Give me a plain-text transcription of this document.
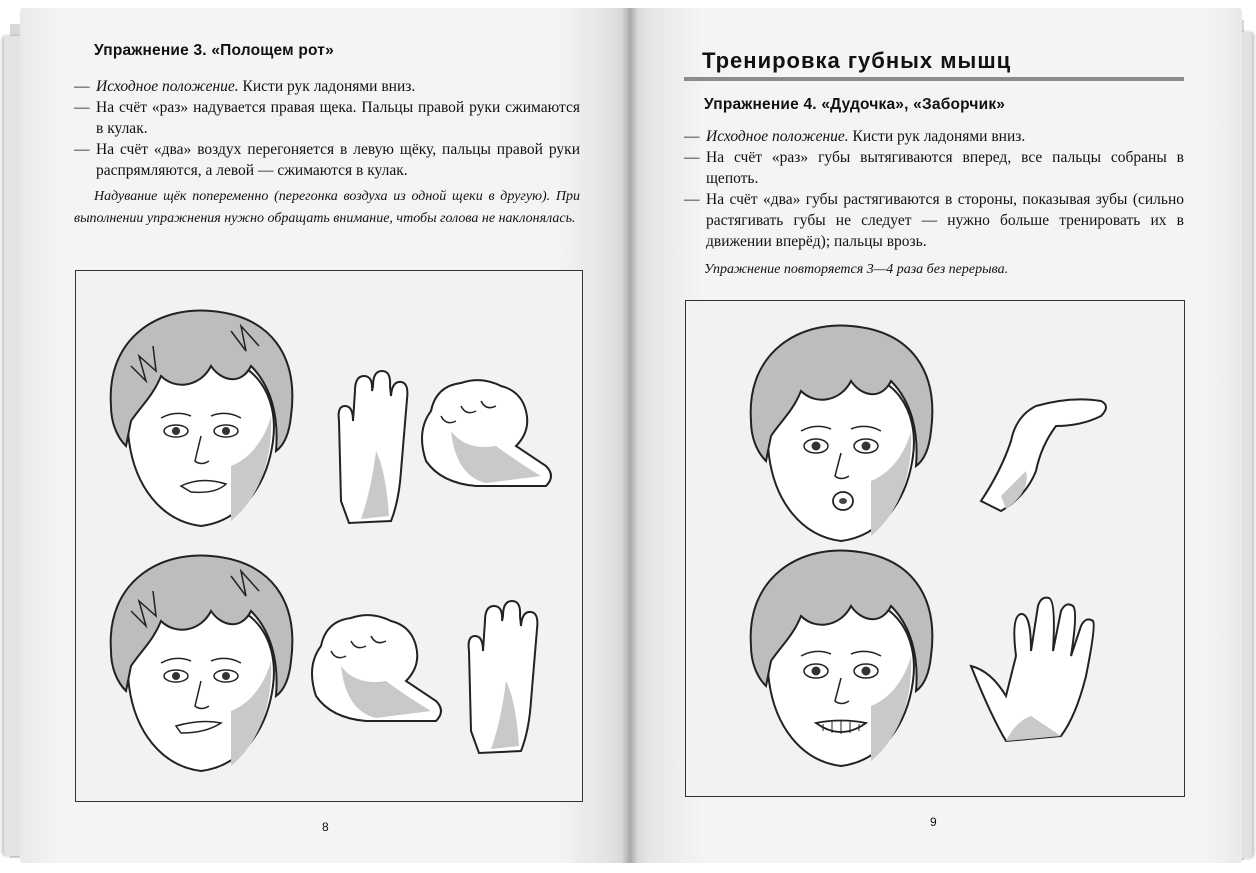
Упражнение 3. «Полощем рот»
— Исходное положение. Кисти рук ладонями вниз.
— На счёт «раз» надувается правая щека. Пальцы правой руки сжимаются в кулак.
— На счёт «два» воздух перегоняется в левую щёку, пальцы правой руки распрямляются, а левой — сжимаются в кулак.
Надувание щёк попеременно (перегонка воздуха из одной щеки в другую). При выполнении упражнения нужно обращать внимание, чтобы голова не наклонялась.
8
Тренировка губных мышц
Упражнение 4. «Дудочка», «Заборчик»
— Исходное положение. Кисти рук ладонями вниз.
— На счёт «раз» губы вытягиваются вперед, все пальцы собраны в щепоть.
— На счёт «два» губы растягиваются в стороны, показывая зубы (сильно растягивать губы не следует — нужно больше тренировать их в движении вперёд); пальцы врозь.
Упражнение повторяется 3—4 раза без перерыва.
9
